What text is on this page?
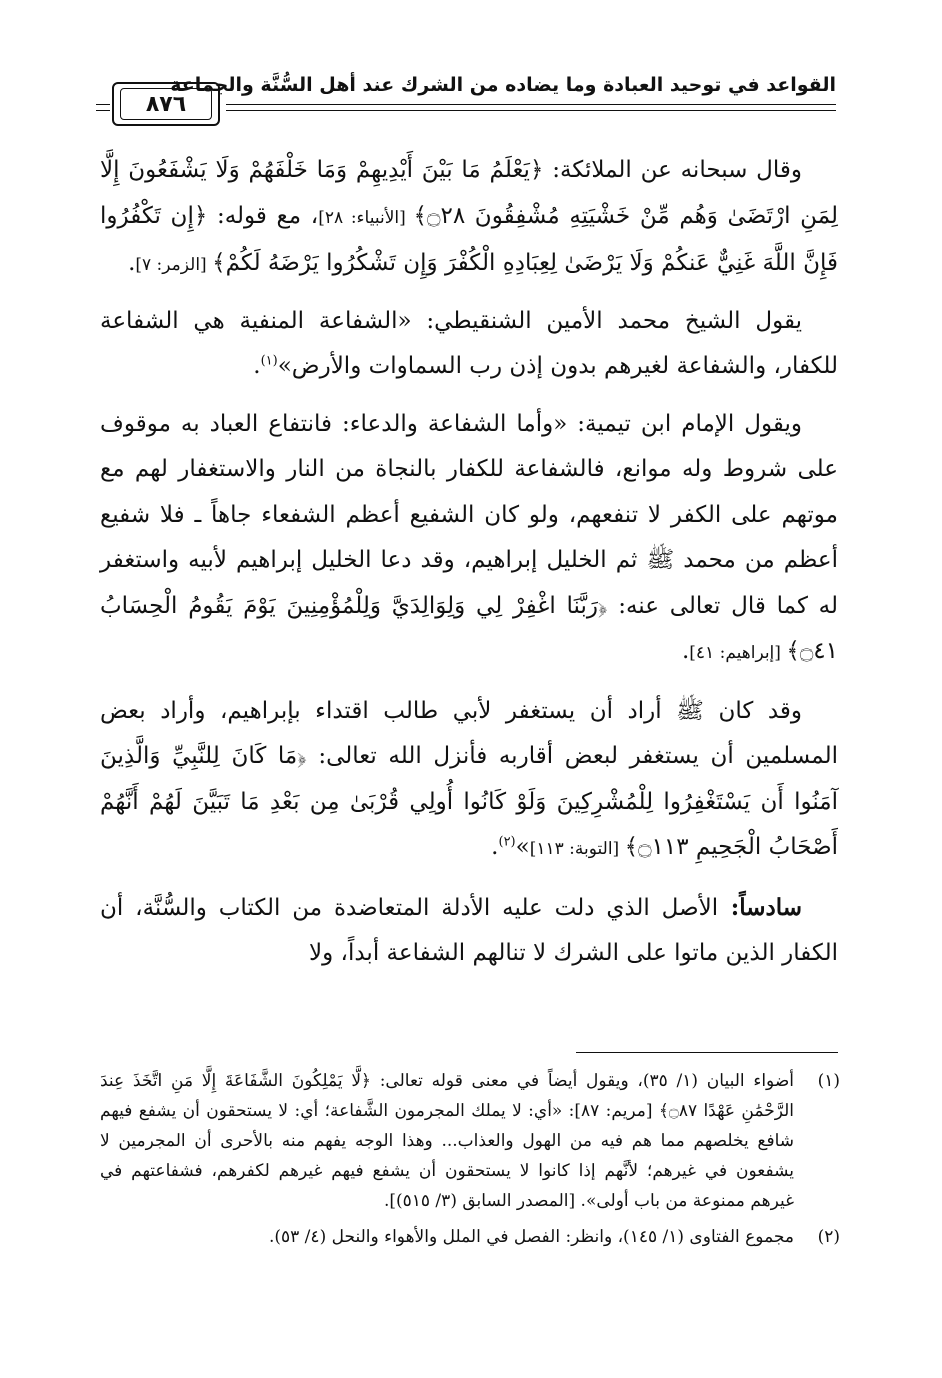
القواعد في توحيد العبادة وما يضاده من الشرك عند أهل السُّنَّة والجماعة
٨٧٦

وقال سبحانه عن الملائكة: ﴿يَعْلَمُ مَا بَيْنَ أَيْدِيهِمْ وَمَا خَلْفَهُمْ وَلَا يَشْفَعُونَ إِلَّا لِمَنِ ارْتَضَىٰ وَهُم مِّنْ خَشْيَتِهِ مُشْفِقُونَ ۝٢٨﴾ [الأنبياء: ٢٨]، مع قوله: ﴿إِن تَكْفُرُوا فَإِنَّ اللَّهَ غَنِيٌّ عَنكُمْ وَلَا يَرْضَىٰ لِعِبَادِهِ الْكُفْرَ وَإِن تَشْكُرُوا يَرْضَهُ لَكُمْ﴾ [الزمر: ٧].

يقول الشيخ محمد الأمين الشنقيطي: «الشفاعة المنفية هي الشفاعة للكفار، والشفاعة لغيرهم بدون إذن رب السماوات والأرض»$^{(١)}$.

ويقول الإمام ابن تيمية: «وأما الشفاعة والدعاء: فانتفاع العباد به موقوف على شروط وله موانع، فالشفاعة للكفار بالنجاة من النار والاستغفار لهم مع موتهم على الكفر لا تنفعهم، ولو كان الشفيع أعظم الشفعاء جاهاً ـ فلا شفيع أعظم من محمد ﷺ ثم الخليل إبراهيم، وقد دعا الخليل إبراهيم لأبيه واستغفر له كما قال تعالى عنه: ﴿رَبَّنَا اغْفِرْ لِي وَلِوَالِدَيَّ وَلِلْمُؤْمِنِينَ يَوْمَ يَقُومُ الْحِسَابُ ۝٤١﴾ [إبراهيم: ٤١].

وقد كان ﷺ أراد أن يستغفر لأبي طالب اقتداء بإبراهيم، وأراد بعض المسلمين أن يستغفر لبعض أقاربه فأنزل الله تعالى: ﴿مَا كَانَ لِلنَّبِيِّ وَالَّذِينَ آمَنُوا أَن يَسْتَغْفِرُوا لِلْمُشْرِكِينَ وَلَوْ كَانُوا أُولِي قُرْبَىٰ مِن بَعْدِ مَا تَبَيَّنَ لَهُمْ أَنَّهُمْ أَصْحَابُ الْجَحِيمِ ۝١١٣﴾ [التوبة: ١١٣]»$^{(٢)}$.

سادساً: الأصل الذي دلت عليه الأدلة المتعاضدة من الكتاب والسُّنَّة، أن الكفار الذين ماتوا على الشرك لا تنالهم الشفاعة أبداً، ولا

(١)
أضواء البيان (١/ ٣٥)، ويقول أيضاً في معنى قوله تعالى: ﴿لَّا يَمْلِكُونَ الشَّفَاعَةَ إِلَّا مَنِ اتَّخَذَ عِندَ الرَّحْمَٰنِ عَهْدًا ۝٨٧﴾ [مريم: ٨٧]: «أي: لا يملك المجرمون الشَّفاعة؛ أي: لا يستحقون أن يشفع فيهم شافع يخلصهم مما هم فيه من الهول والعذاب... وهذا الوجه يفهم منه بالأحرى أن المجرمين لا يشفعون في غيرهم؛ لأنَّهم إذا كانوا لا يستحقون أن يشفع فيهم غيرهم لكفرهم، فشفاعتهم في غيرهم ممنوعة من باب أولى». [المصدر السابق (٣/ ٥١٥)].
(٢)
مجموع الفتاوى (١/ ١٤٥)، وانظر: الفصل في الملل والأهواء والنحل (٤/ ٥٣).
